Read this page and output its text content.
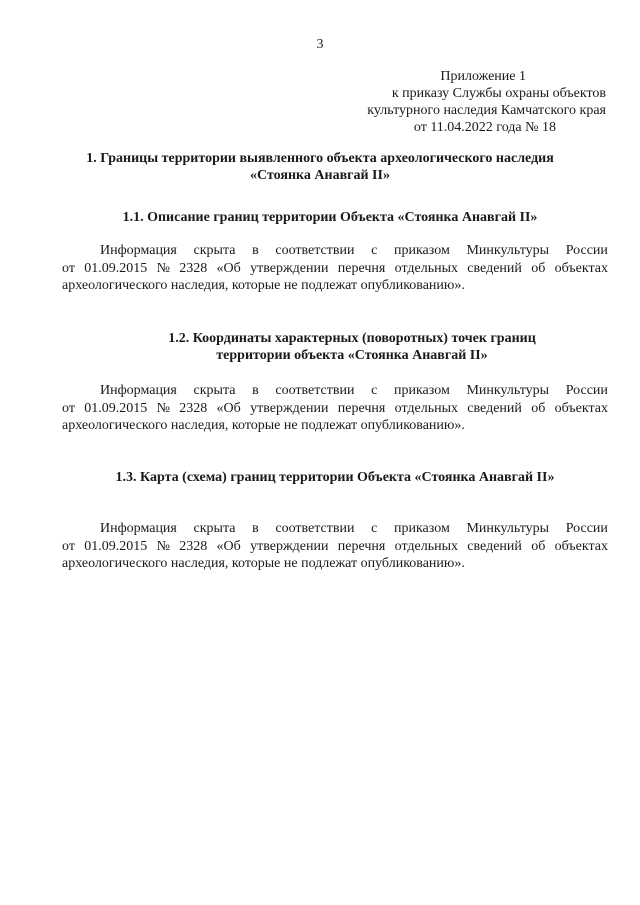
3
Приложение 1
к приказу Службы охраны объектов
культурного наследия Камчатского края
от 11.04.2022 года № 18
1. Границы территории выявленного объекта археологического наследия
«Стоянка Анавгай II»
1.1. Описание границ территории Объекта «Стоянка Анавгай II»
Информация скрыта в соответствии с приказом Минкультуры России
от 01.09.2015 № 2328 «Об утверждении перечня отдельных сведений об объектах
археологического наследия, которые не подлежат опубликованию».
1.2. Координаты характерных (поворотных) точек границ
территории объекта «Стоянка Анавгай II»
Информация скрыта в соответствии с приказом Минкультуры России
от 01.09.2015 № 2328 «Об утверждении перечня отдельных сведений об объектах
археологического наследия, которые не подлежат опубликованию».
1.3. Карта (схема) границ территории Объекта «Стоянка Анавгай II»
Информация скрыта в соответствии с приказом Минкультуры России
от 01.09.2015 № 2328 «Об утверждении перечня отдельных сведений об объектах
археологического наследия, которые не подлежат опубликованию».
